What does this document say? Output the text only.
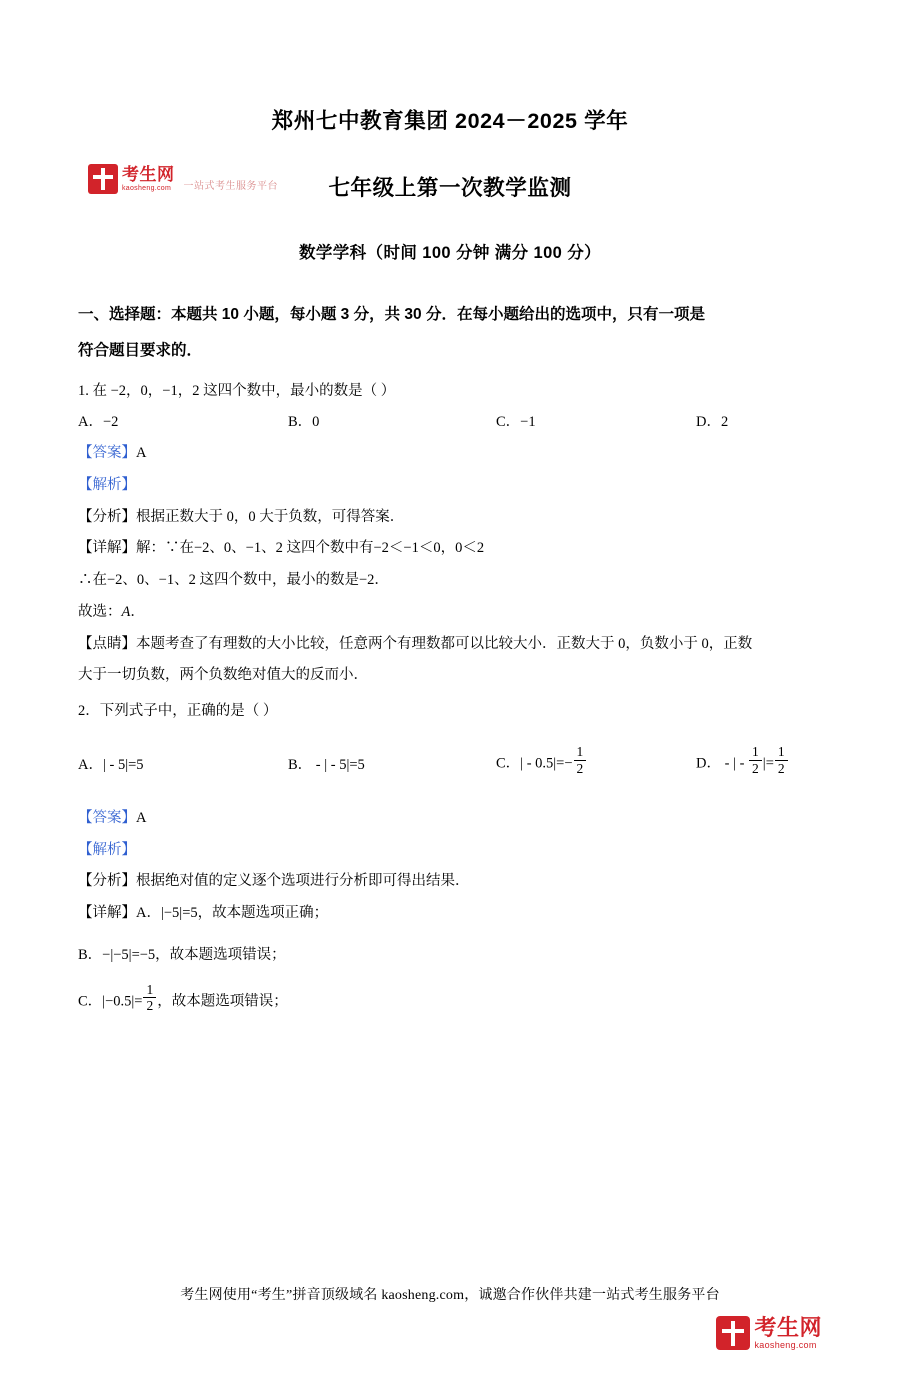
考生网
kaosheng.com	一站式考生服务平台
郑州七中教育集团 2024－2025 学年
七年级上第一次教学监测
数学学科（时间 100 分钟 满分 100 分）
一、选择题：本题共 10 小题，每小题 3 分，共 30 分．在每小题给出的选项中，只有一项是
符合题目要求的．
1. 在 −2，0，−1，2 这四个数中，最小的数是（ ）
A．−2	B．0	C．−1	D．2
【答案】A
【解析】
【分析】根据正数大于 0，0 大于负数，可得答案．
【详解】解：∵在−2、0、−1、2 这四个数中有−2＜−1＜0，0＜2
∴在−2、0、−1、2 这四个数中，最小的数是−2．
故选：A．
【点睛】本题考查了有理数的大小比较，任意两个有理数都可以比较大小．正数大于 0，负数小于 0，正数
大于一切负数，两个负数绝对值大的反而小．
2．下列式子中，正确的是（ ）
A．| - 5|=5	B． - | - 5|=5	C．| - $0.5|=- \frac{1}{2}$	D． - | - $\frac{1}{2}$ |= $\frac{1}{2}$
【答案】A
【解析】
【分析】根据绝对值的定义逐个选项进行分析即可得出结果．
【详解】A．|−5|=5，故本题选项正确；
B．−|−5|=−5，故本题选项错误；
C．$|-0.5|= \frac{1}{2}$ ，故本题选项错误；
考生网使用“考生”拼音顶级域名 kaosheng.com，诚邀合作伙伴共建一站式考生服务平台
考生网
kaosheng.com
